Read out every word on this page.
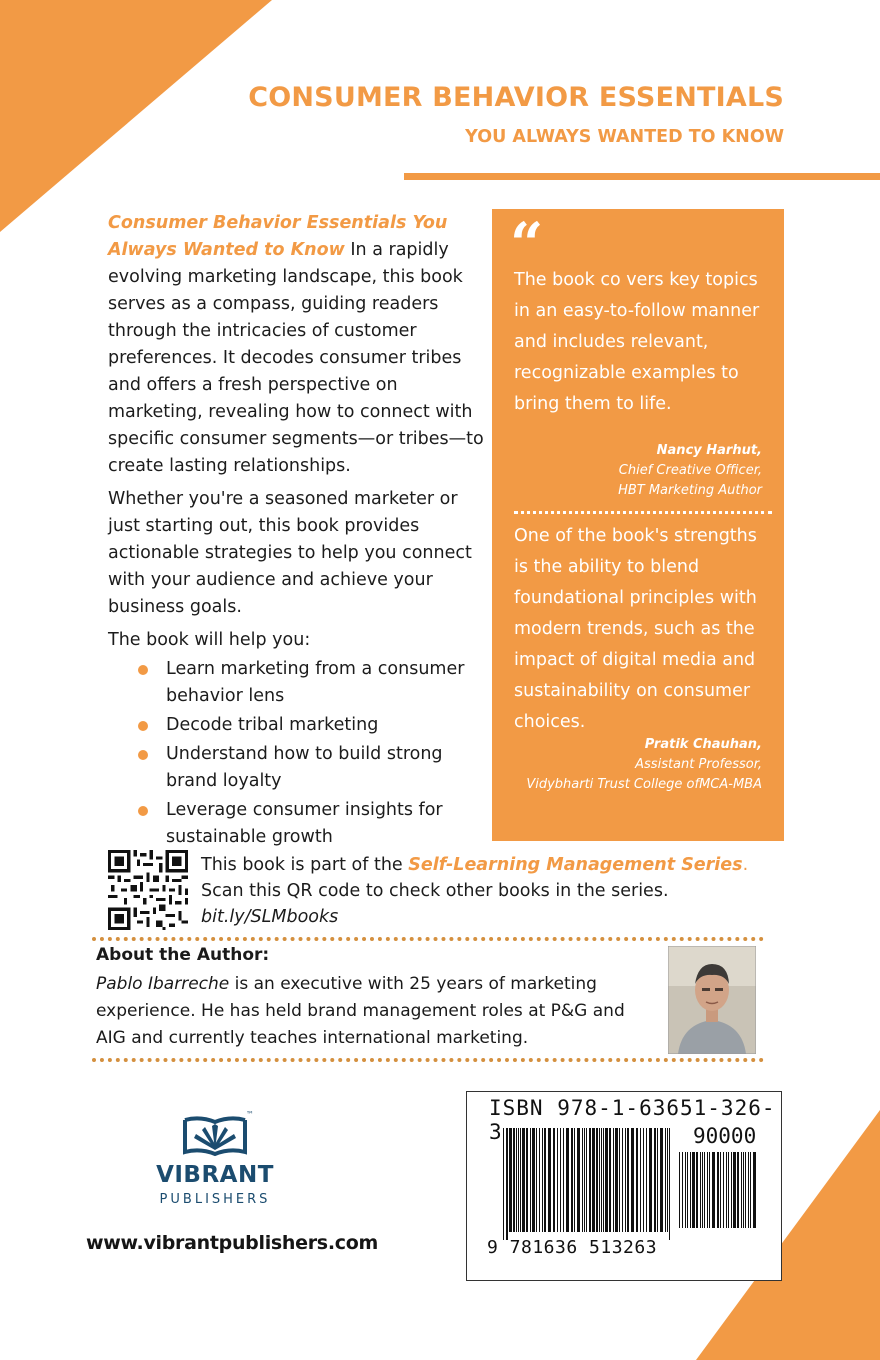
CONSUMER BEHAVIOR ESSENTIALS
YOU ALWAYS WANTED TO KNOW

Consumer Behavior Essentials You Always Wanted to Know In a rapidly evolving marketing landscape, this book serves as a compass, guiding readers through the intricacies of customer preferences. It decodes consumer tribes and offers a fresh perspective on marketing, revealing how to connect with specific consumer segments—or tribes—to create lasting relationships.

Whether you're a seasoned marketer or just starting out, this book provides actionable strategies to help you connect with your audience and achieve your business goals.

The book will help you:

Learn marketing from a consumer behavior lens
Decode tribal marketing
Understand how to build strong brand loyalty
Leverage consumer insights for sustainable growth
“
The book co vers key topics in an easy-to-follow manner and includes relevant, recognizable examples to bring them to life.
Nancy Harhut,
Chief Creative Officer,
HBT Marketing Author
One of the book's strengths is the ability to blend foundational principles with modern trends, such as the impact of digital media and sustainability on consumer choices.
Pratik Chauhan,
Assistant Professor,
Vidybharti Trust College ofMCA-MBA
This book is part of the Self-Learning Management Series.
Scan this QR code to check other books in the series.
bit.ly/SLMbooks
About the Author:
Pablo Ibarreche is an executive with 25 years of marketing experience. He has held brand management roles at P&G and AIG and currently teaches international marketing.
™
VIBRANT
PUBLISHERS
www.vibrantpublishers.com
ISBN 978-1-63651-326-3	90000
9 781636 513263
